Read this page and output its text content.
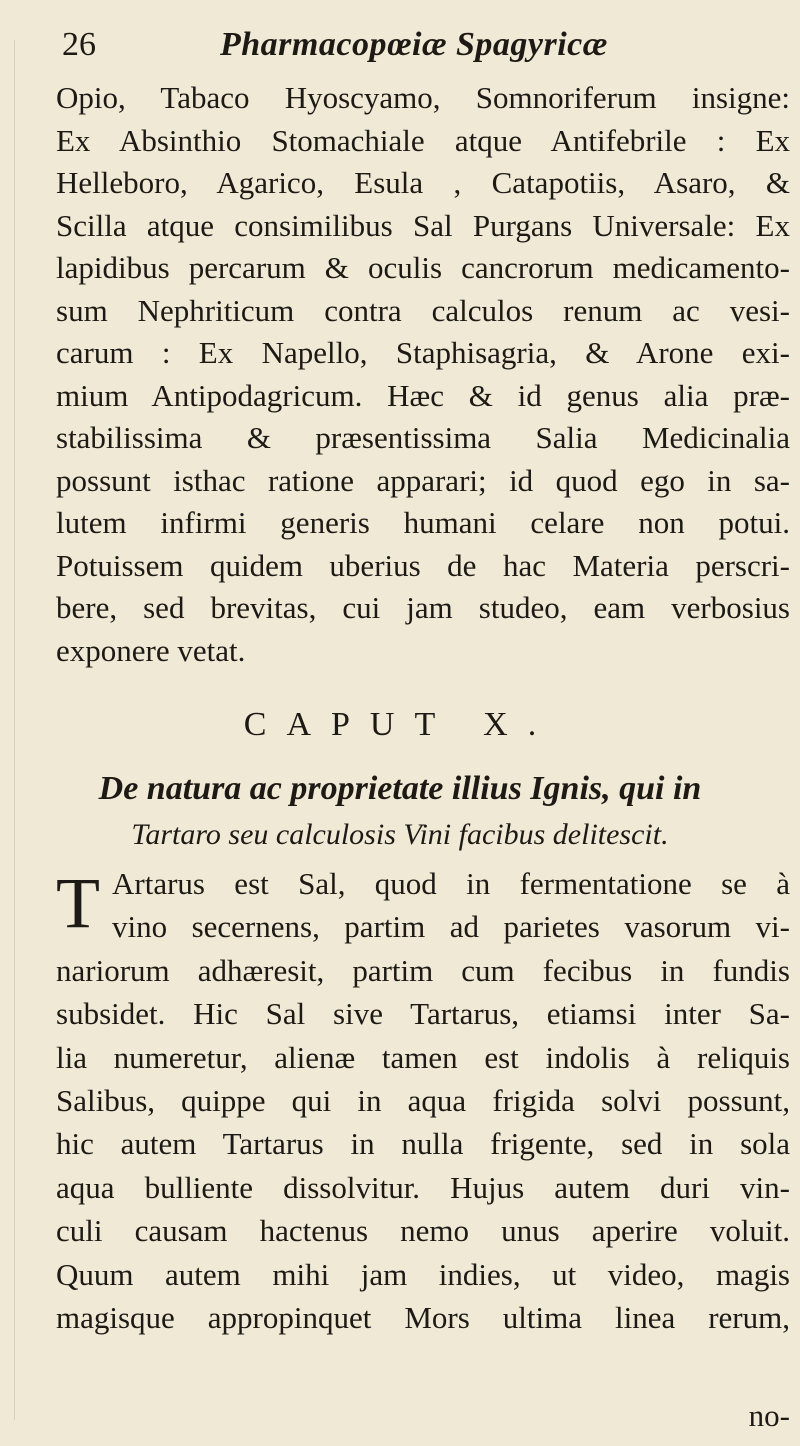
26	Pharmacopœiæ Spagyricæ
Opio, Tabaco Hyoscyamo, Somnoriferum insigne:
Ex Absinthio Stomachiale atque Antifebrile : Ex
Helleboro, Agarico, Esula , Catapotiis, Asaro, &
Scilla atque consimilibus Sal Purgans Universale: Ex
lapidibus percarum & oculis cancrorum medicamento-
sum Nephriticum contra calculos renum ac vesi-
carum : Ex Napello, Staphisagria, & Arone exi-
mium Antipodagricum. Hæc & id genus alia præ-
stabilissima & præsentissima Salia Medicinalia
possunt isthac ratione apparari; id quod ego in sa-
lutem infirmi generis humani celare non potui.
Potuissem quidem uberius de hac Materia perscri-
bere, sed brevitas, cui jam studeo, eam verbosius
exponere vetat.
CAPUT X.
De natura ac proprietate illius Ignis, qui in
Tartaro seu calculosis Vini facibus delitescit.
T Artarus est Sal, quod in fermentatione se à
vino secernens, partim ad parietes vasorum vi-
nariorum adhæresit, partim cum fecibus in fundis
subsidet. Hic Sal sive Tartarus, etiamsi inter Sa-
lia numeretur, alienæ tamen est indolis à reliquis
Salibus, quippe qui in aqua frigida solvi possunt,
hic autem Tartarus in nulla frigente, sed in sola
aqua bulliente dissolvitur. Hujus autem duri vin-
culi causam hactenus nemo unus aperire voluit.
Quum autem mihi jam indies, ut video, magis
magisque appropinquet Mors ultima linea rerum,
no-
